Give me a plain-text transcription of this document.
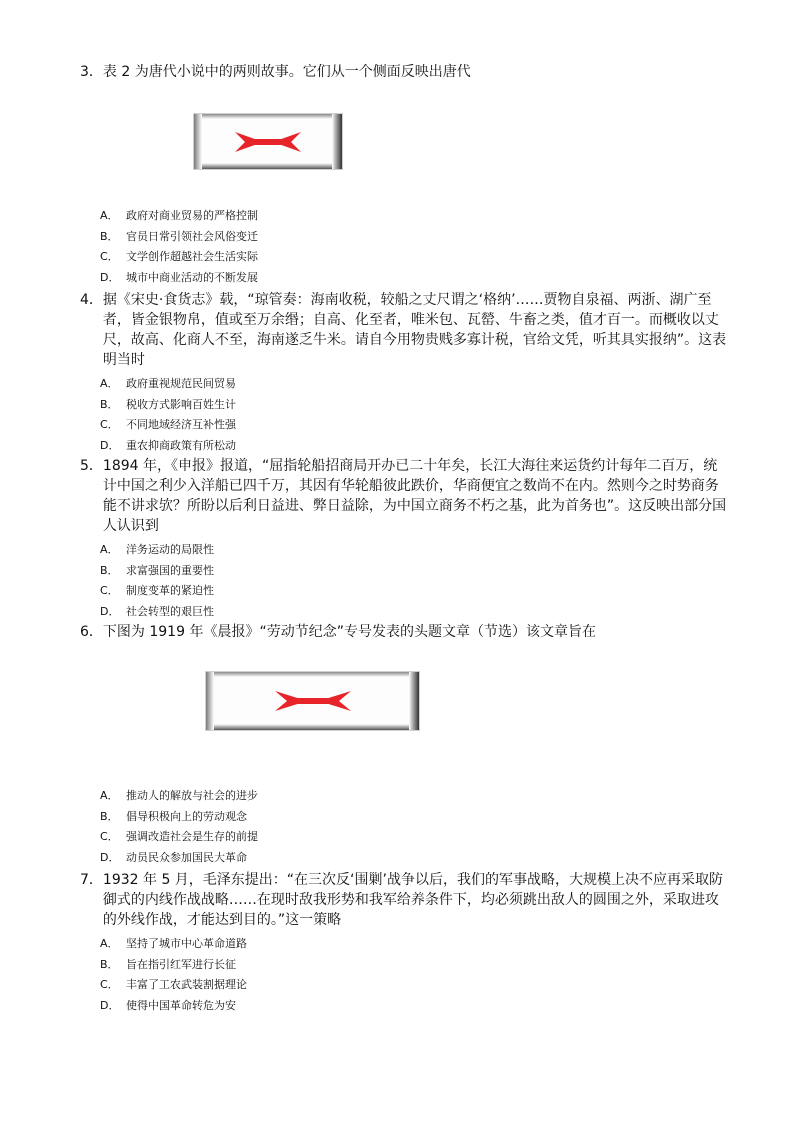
3． 表 2 为唐代小说中的两则故事。它们从一个侧面反映出唐代
A． 政府对商业贸易的严格控制
B． 官员日常引领社会风俗变迁
C． 文学创作超越社会生活实际
D． 城市中商业活动的不断发展
4． 据《宋史·食货志》载，“琼管奏：海南收税，较船之丈尺谓之‘格纳’……贾物自泉福、两浙、湖广至者，皆金银物帛，值或至万余缗；自高、化至者，唯米包、瓦罃、牛畜之类，值才百一。而概收以丈尺，故高、化商人不至，海南遂乏牛米。请自今用物贵贱多寡计税，官给文凭，听其具实报纳”。这表明当时
A． 政府重视规范民间贸易
B． 税收方式影响百姓生计
C． 不同地域经济互补性强
D． 重农抑商政策有所松动
5． 1894 年，《申报》报道，“屈指轮船招商局开办已二十年矣，长江大海往来运货约计每年二百万，统计中国之利少入洋船已四千万，其因有华轮船彼此跌价，华商便宜之数尚不在内。然则今之时势商务能不讲求欤？所盼以后利日益进、弊日益除，为中国立商务不朽之基，此为首务也”。这反映出部分国人认识到
A． 洋务运动的局限性
B． 求富强国的重要性
C． 制度变革的紧迫性
D． 社会转型的艰巨性
6． 下图为 1919 年《晨报》“劳动节纪念”专号发表的头题文章（节选）该文章旨在
A． 推动人的解放与社会的进步
B． 倡导积极向上的劳动观念
C． 强调改造社会是生存的前提
D． 动员民众参加国民大革命
7． 1932 年 5 月，毛泽东提出：“在三次反‘围剿’战争以后，我们的军事战略，大规模上决不应再采取防御式的内线作战战略……在现时敌我形势和我军给养条件下，均必须跳出敌人的圆围之外，采取进攻的外线作战，才能达到目的。”这一策略
A． 坚持了城市中心革命道路
B． 旨在指引红军进行长征
C． 丰富了工农武装割据理论
D． 使得中国革命转危为安
